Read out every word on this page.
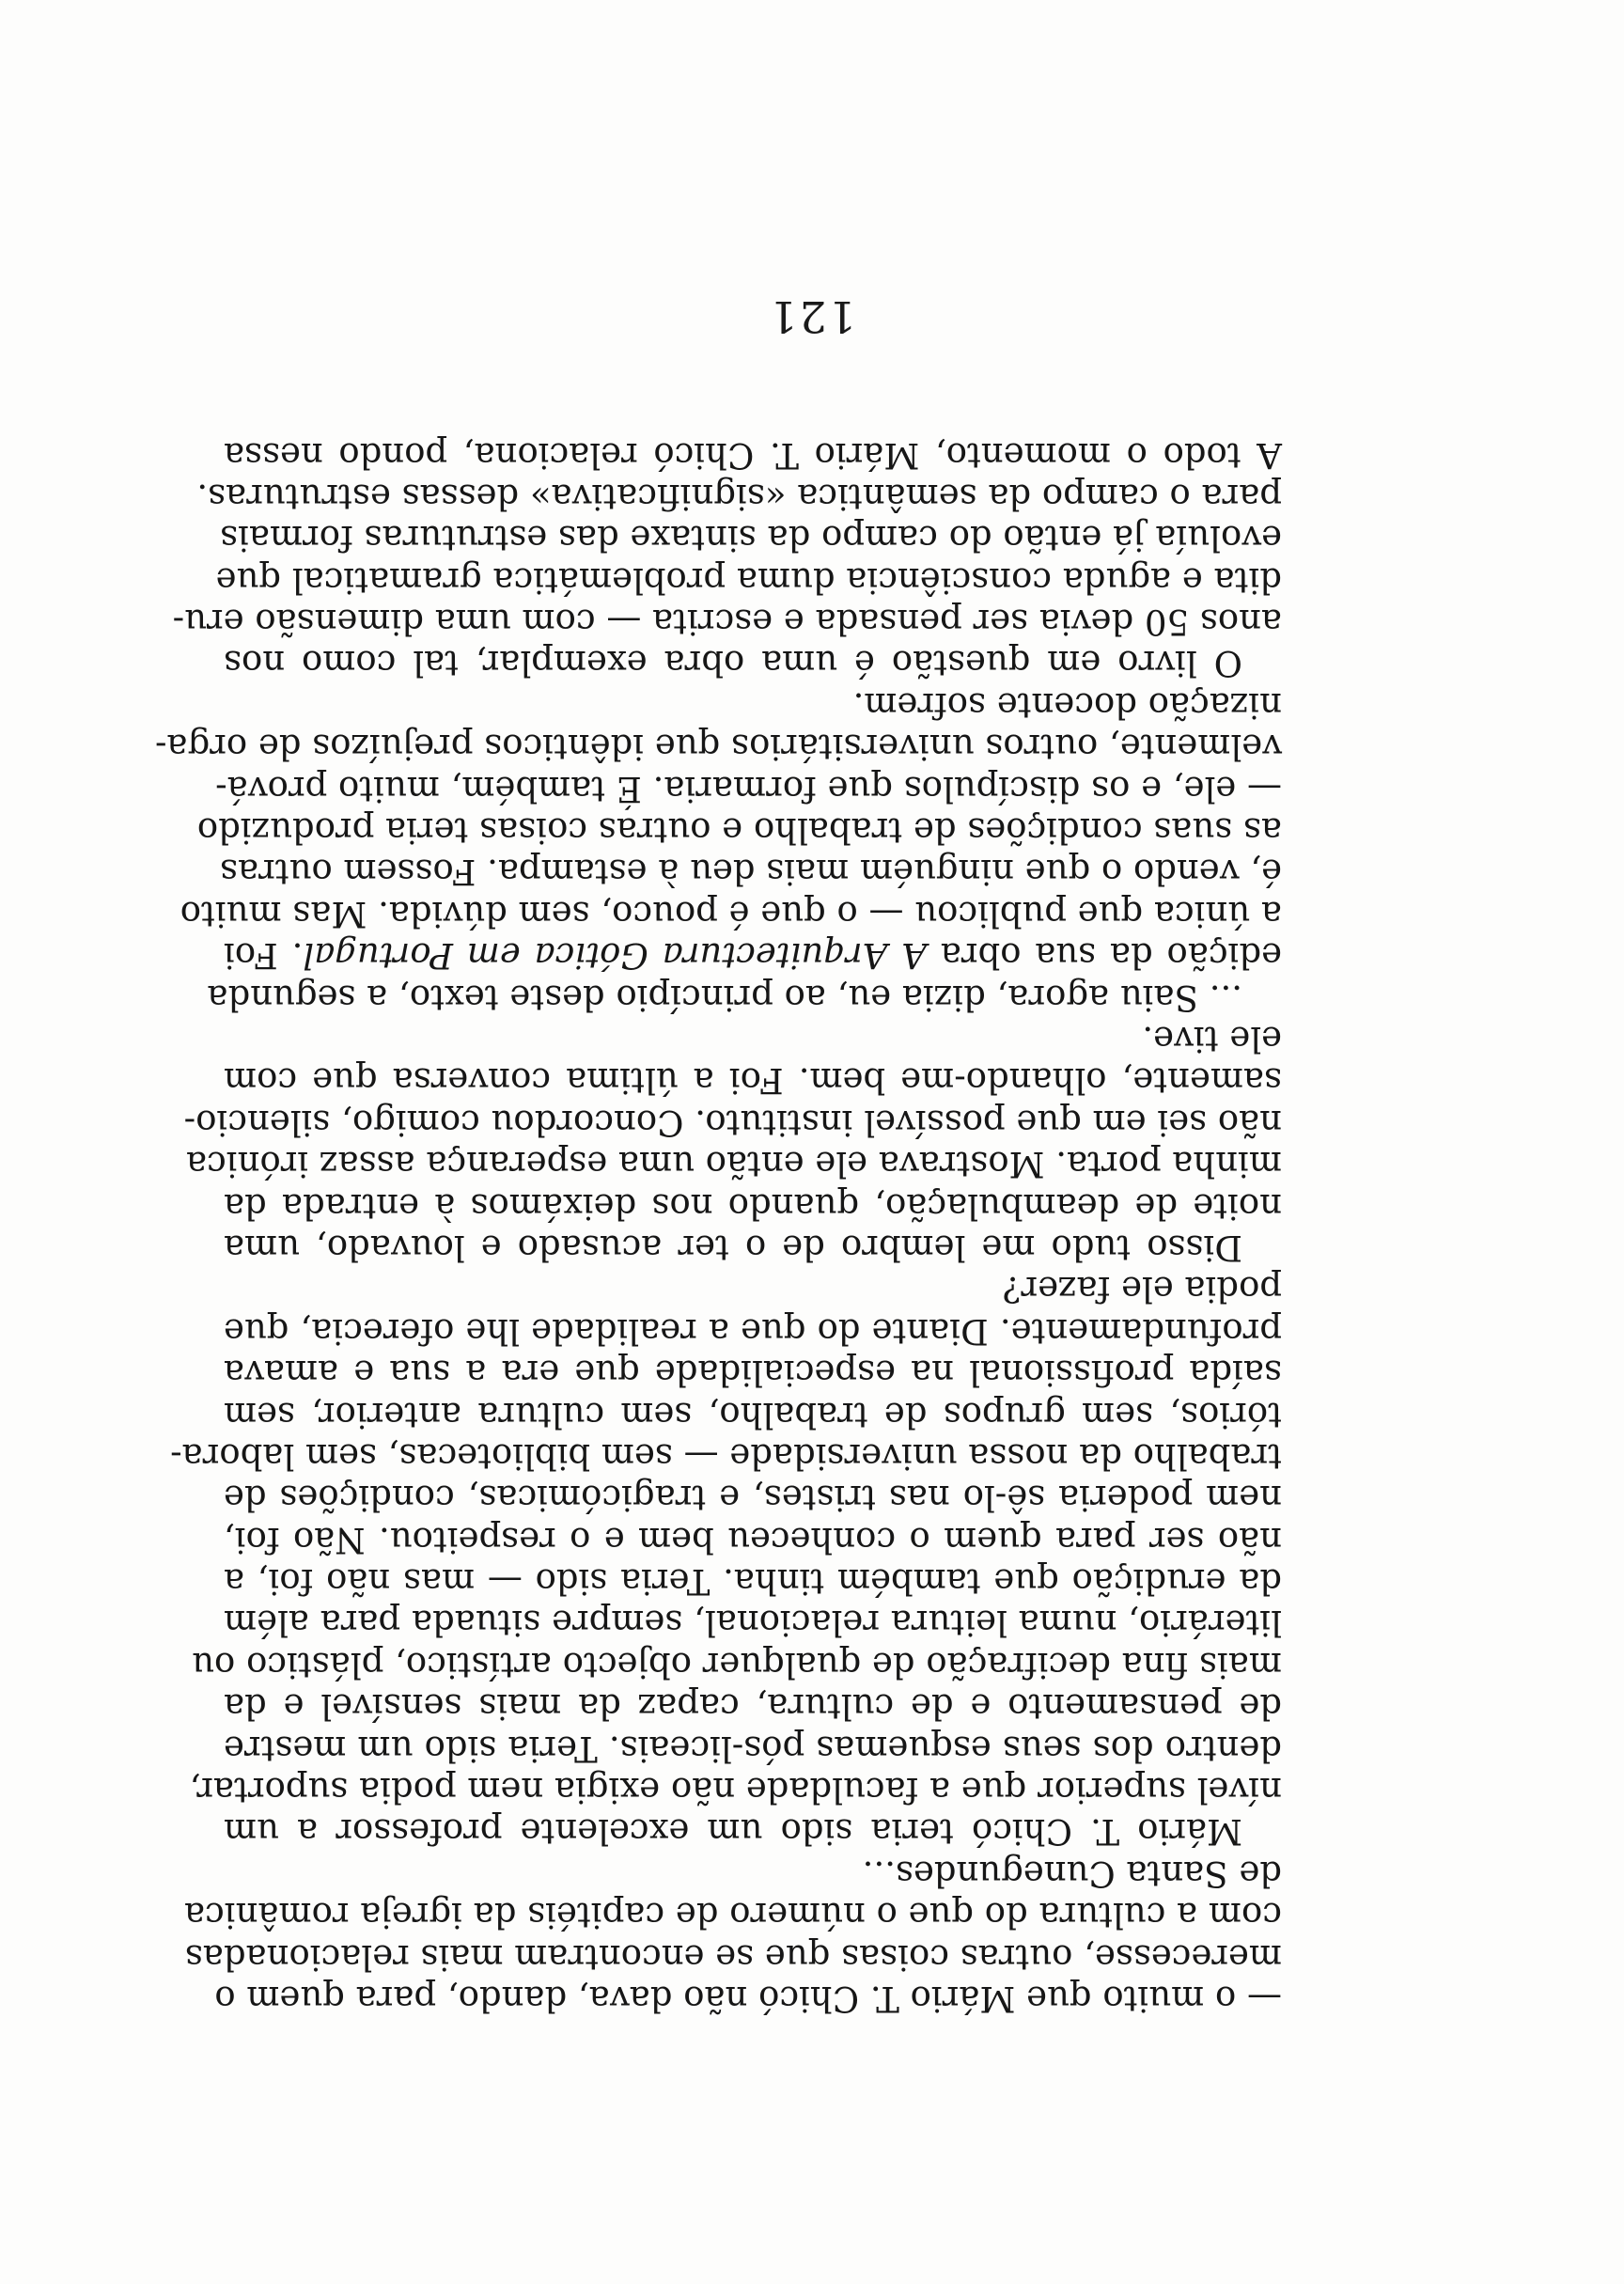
— o muito que Mário T. Chicó não dava, dando, para quem o
merecesse, outras coisas que se encontram mais relacionadas
com a cultura do que o número de capitéis da igreja românica
de Santa Cunegundes...
Mário T. Chicó teria sido um excelente professor a um
nível superior que a faculdade não exigia nem podia suportar,
dentro dos seus esquemas pós-liceais. Teria sido um mestre
de pensamento e de cultura, capaz da mais sensível e da
mais fina decifração de qualquer objecto artístico, plástico ou
literário, numa leitura relacional, sempre situada para além
da erudição que também tinha. Teria sido — mas não foi, a
não ser para quem o conheceu bem e o respeitou. Não foi,
nem poderia sê-lo nas tristes, e tragicómicas, condições de
trabalho da nossa universidade — sem bibliotecas, sem labora-
tórios, sem grupos de trabalho, sem cultura anterior, sem
saída profissional na especialidade que era a sua e amava
profundamente. Diante do que a realidade lhe oferecia, que
podia ele fazer?
Disso tudo me lembro de o ter acusado e louvado, uma
noite de deambulação, quando nos deixámos à entrada da
minha porta. Mostrava ele então uma esperança assaz irónica
não sei em que possível instituto. Concordou comigo, silencio-
samente, olhando-me bem. Foi a última conversa que com
ele tive.
... Saiu agora, dizia eu, ao princípio deste texto, a segunda
edição da sua obra A Arquitectura Gótica em Portugal. Foi
a única que publicou — o que é pouco, sem dúvida. Mas muito
é, vendo o que ninguém mais deu à estampa. Fossem outras
as suas condições de trabalho e outras coisas teria produzido
— ele, e os discípulos que formaria. É também, muito prová-
velmente, outros universitários que idênticos prejuízos de orga-
nização docente sofrem.
O livro em questão é uma obra exemplar, tal como nos
anos 50 devia ser pensada e escrita — com uma dimensão eru-
dita e aguda consciência duma problemática gramatical que
evoluía já então do campo da sintaxe das estruturas formais
para o campo da semântica «significativa» dessas estruturas.
A todo o momento, Mário T. Chicó relaciona, pondo nessa
121
